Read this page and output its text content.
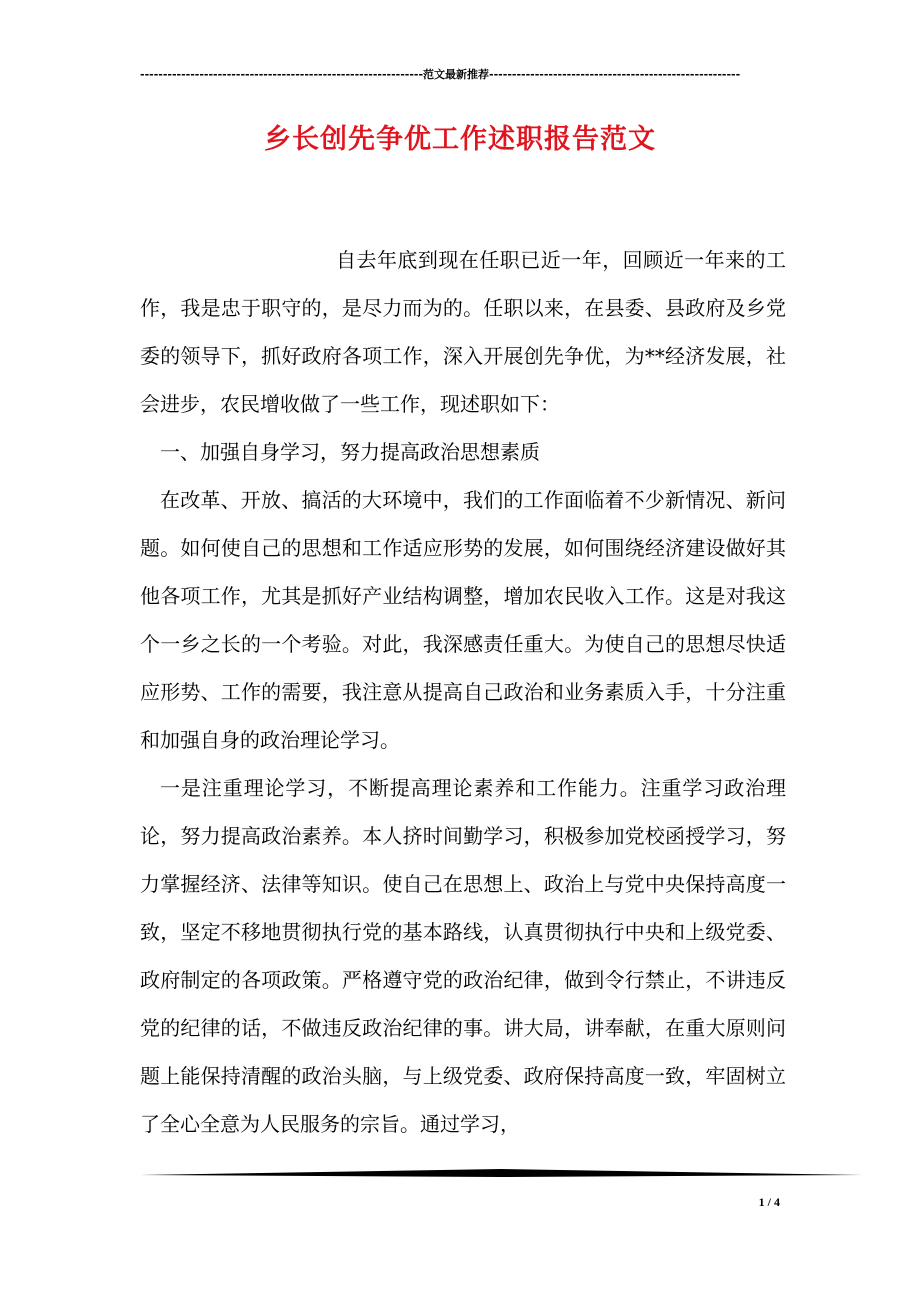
--------------------------------------------------------------范文最新推荐-------------------------------------------------------
乡长创先争优工作述职报告范文

自去年底到现在任职已近一年，回顾近一年来的工作，我是忠于职守的，是尽力而为的。任职以来，在县委、县政府及乡党委的领导下，抓好政府各项工作，深入开展创先争优，为**经济发展，社会进步，农民增收做了一些工作，现述职如下：

一、加强自身学习，努力提高政治思想素质

在改革、开放、搞活的大环境中，我们的工作面临着不少新情况、新问题。如何使自己的思想和工作适应形势的发展，如何围绕经济建设做好其他各项工作，尤其是抓好产业结构调整，增加农民收入工作。这是对我这个一乡之长的一个考验。对此，我深感责任重大。为使自己的思想尽快适应形势、工作的需要，我注意从提高自己政治和业务素质入手，十分注重和加强自身的政治理论学习。

一是注重理论学习，不断提高理论素养和工作能力。注重学习政治理论，努力提高政治素养。本人挤时间勤学习，积极参加党校函授学习，努力掌握经济、法律等知识。使自己在思想上、政治上与党中央保持高度一致，坚定不移地贯彻执行党的基本路线，认真贯彻执行中央和上级党委、政府制定的各项政策。严格遵守党的政治纪律，做到令行禁止，不讲违反党的纪律的话，不做违反政治纪律的事。讲大局，讲奉献，在重大原则问题上能保持清醒的政治头脑，与上级党委、政府保持高度一致，牢固树立了全心全意为人民服务的宗旨。通过学习，

1 / 4
